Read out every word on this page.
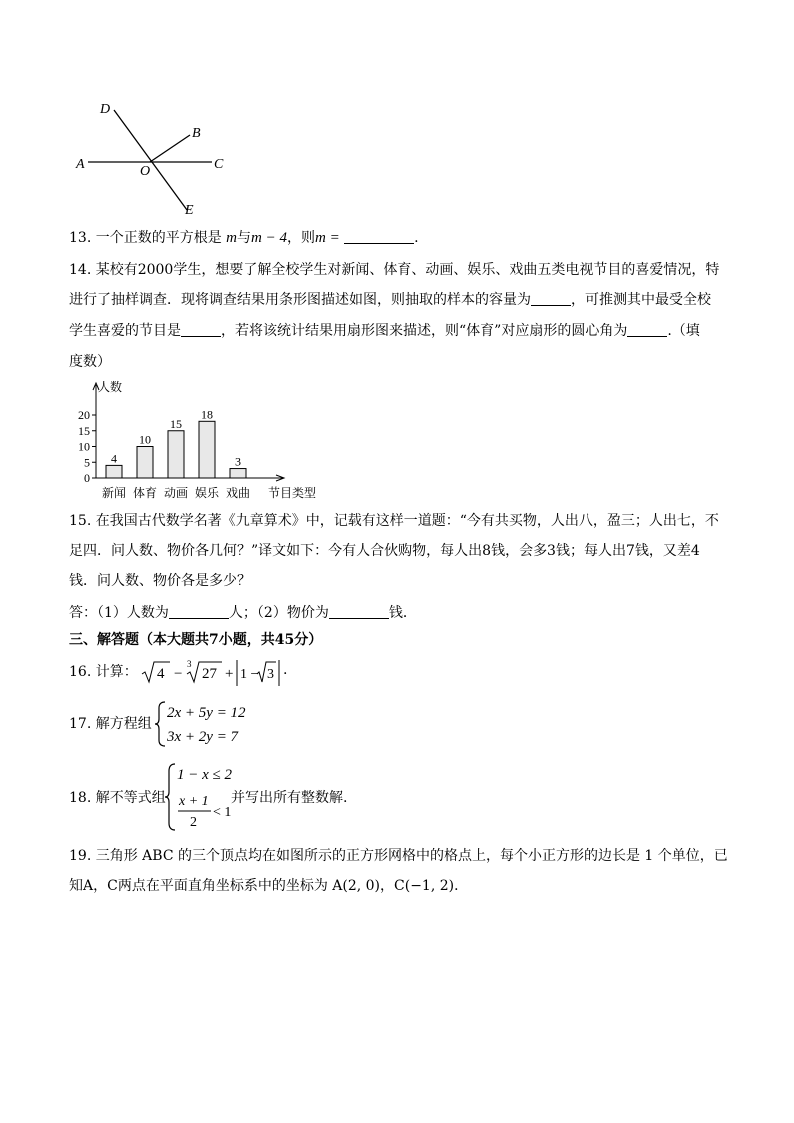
D
B
A	O	C
E
13. 一个正数的平方根是 m与m − 4，则m =	.
14. 某校有2000学生，想要了解全校学生对新闻、体育、动画、娱乐、戏曲五类电视节目的喜爱情况，特
进行了抽样调查．现将调查结果用条形图描述如图，则抽取的样本的容量为	，可推测其中最受全校
学生喜爱的节目是	，若将该统计结果用扇形图来描述，则“体育”对应扇形的圆心角为	.（填
度数）
人数
节目类型
0
5
10
15
20
4
新闻
10
体育
15
动画
18
娱乐
3
戏曲
15. 在我国古代数学名著《九章算术》中，记载有这样一道题：“今有共买物，人出八，盈三；人出七，不
足四．问人数、物价各几何？”译文如下：今有人合伙购物，每人出8钱，会多3钱；每人出7钱，又差4
钱．问人数、物价各是多少？
答：（1）人数为	人；（2）物价为	钱．
三、解答题（本大题共7小题，共45分）
16. 计算： 4 −
3
27 + 1 − 3 .
17. 解方程组
2x + 5y = 12
3x + 2y = 7
18. 解不等式组
1 − x ≤ 2
x + 1
2
< 1
并写出所有整数解.
19. 三角形 ABC 的三个顶点均在如图所示的正方形网格中的格点上，每个小正方形的边长是 1 个单位，已
知A，C两点在平面直角坐标系中的坐标为 A(2, 0)，C(−1, 2)．
